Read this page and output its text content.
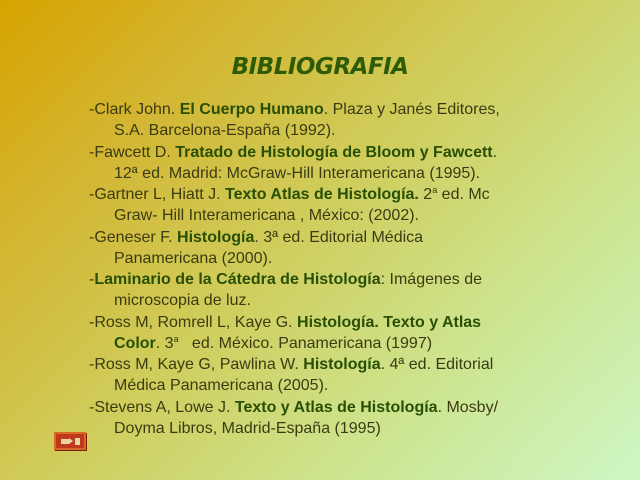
BIBLIOGRAFIA
-Clark John. El Cuerpo Humano. Plaza y Janés Editores,
S.A. Barcelona-España (1992).
-Fawcett D. Tratado de Histología de Bloom y Fawcett.
12ª ed. Madrid: McGraw-Hill Interamericana (1995).
-Gartner L, Hiatt J. Texto Atlas de Histología. 2$^a$ ed. Mc
Graw- Hill Interamericana , México: (2002).
-Geneser F. Histología. 3ª ed. Editorial Médica
Panamericana (2000).
-Laminario de la Cátedra de Histología: Imágenes de
microscopia de luz.
-Ross M, Romrell L, Kaye G. Histología. Texto y Atlas
Color. 3$^a$   ed. México. Panamericana (1997)
-Ross M, Kaye G, Pawlina W. Histología. 4ª ed. Editorial
Médica Panamericana (2005).
-Stevens A, Lowe J. Texto y Atlas de Histología. Mosby/
Doyma Libros, Madrid-España (1995)
